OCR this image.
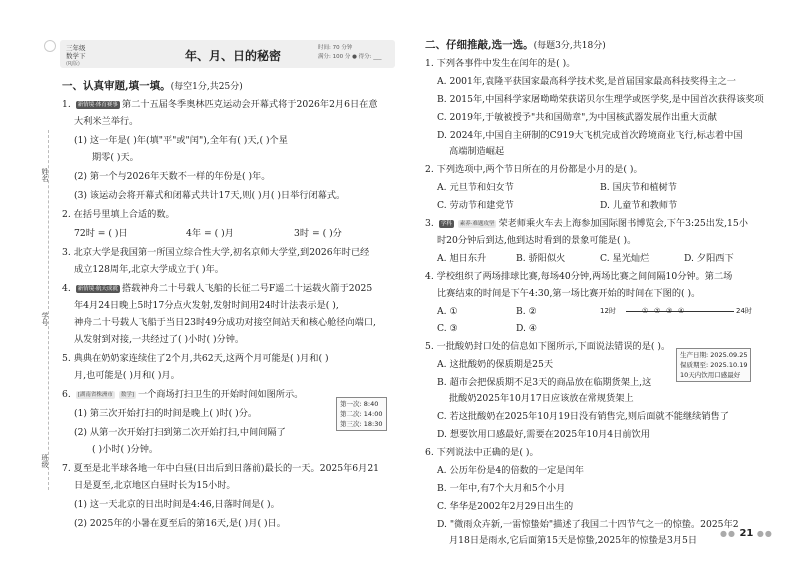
姓名
学号
班级
三年级
数学下
(RJ版)
年、月、日的秘密
时间: 70 分钟
满分: 100 分 ● 得分: ___
一、认真审题,填一填。(每空1分,共25分)
1. 新情境·体育赛事 第二十五届冬季奥林匹克运动会开幕式将于2026年2月6日在意
大利米兰举行。
(1) 这一年是( )年(填"平"或"闰"),全年有( )天,( )个星
期零( )天。
(2) 第一个与2026年天数不一样的年份是( )年。
(3) 该运动会将开幕式和闭幕式共计17天,则( )月( )日举行闭幕式。
2. 在括号里填上合适的数。
72时 = ( )日	4年 = ( )月	3时 = ( )分
3. 北京大学是我国第一所国立综合性大学,初名京师大学堂,到2026年时已经
成立128周年,北京大学成立于( )年。
4. 新情境·航天成就 搭载神舟二十号载人飞船的长征二号F遥二十运载火箭于2025
年4月24日晚上5时17分点火发射,发射时间用24时计法表示是( ),
神舟二十号载人飞船于当日23时49分成功对接空间站天和核心舱径向端口,
从发射到对接,一共经过了( )小时( )分钟。
5. 典典在奶奶家连续住了2个月,共62天,这两个月可能是( )月和( )
月,也可能是( )月和( )月。
6. [湖南省株洲市 数学] 一个商场打扫卫生的开始时间如图所示。
(1) 第三次开始打扫的时间是晚上( )时( )分。
(2) 从第一次开始打扫到第二次开始打扫,中间间隔了
( )小时( )分钟。
第一次: 8:40
第二次: 14:00
第三次: 18:30
7. 夏至是北半球各地一年中白昼(日出后到日落前)最长的一天。2025年6月21
日是夏至,北京地区白昼时长为15小时。
(1) 这一天北京的日出时间是4:46,日落时间是( )。
(2) 2025年的小暑在夏至后的第16天,是( )月( )日。
二、仔细推敲,选一选。(每题3分,共18分)
1. 下列各事件中发生在闰年的是( )。
A. 2001年,袁隆平获国家最高科学技术奖,是首届国家最高科技奖得主之一
B. 2015年,中国科学家屠呦呦荣获诺贝尔生理学或医学奖,是中国首次获得该奖项
C. 2019年,于敏被授予"共和国勋章",为中国核武器发展作出重大贡献
D. 2024年,中国自主研制的C919大飞机完成首次跨境商业飞行,标志着中国
高端制造崛起
2. 下列选项中,两个节日所在的月份都是小月的是( )。
A. 元旦节和妇女节	B. 国庆节和植树节
C. 劳动节和建党节	D. 儿童节和教师节
3. 学科 素养·难题攻坚 荣老师乘火车去上海参加国际图书博览会,下午3:25出发,15小
时20分钟后到达,他到达时看到的景象可能是( )。
A. 旭日东升	B. 骄阳似火	C. 星光灿烂	D. 夕阳西下
4. 学校组织了两场排球比赛,每场40分钟,两场比赛之间间隔10分钟。第二场
比赛结束的时间是下午4:30,第一场比赛开始的时间在下图的( )。
A. ①	B. ②
C. ③	D. ④
12时	① ② ③ ④	24时
5. 一批酸奶封口处的信息如下图所示,下面说法错误的是( )。
A. 这批酸奶的保质期是25天
B. 超市会把保质期不足3天的商品放在临期货架上,这
批酸奶2025年10月17日应该放在常规货架上
C. 若这批酸奶在2025年10月19日没有销售完,则后面就不能继续销售了
D. 想要饮用口感最好,需要在2025年10月4日前饮用
生产日期: 2025.09.25
保质期至: 2025.10.19
10天内饮用口感最好
6. 下列说法中正确的是( )。
A. 公历年份是4的倍数的一定是闰年
B. 一年中,有7个大月和5个小月
C. 华华是2002年2月29日出生的
D. "微雨众卉新,一雷惊蛰始"描述了我国二十四节气之一的惊蛰。2025年2
月18日是雨水,它后面第15天是惊蛰,2025年的惊蛰是3月5日
●● 21 ●●
